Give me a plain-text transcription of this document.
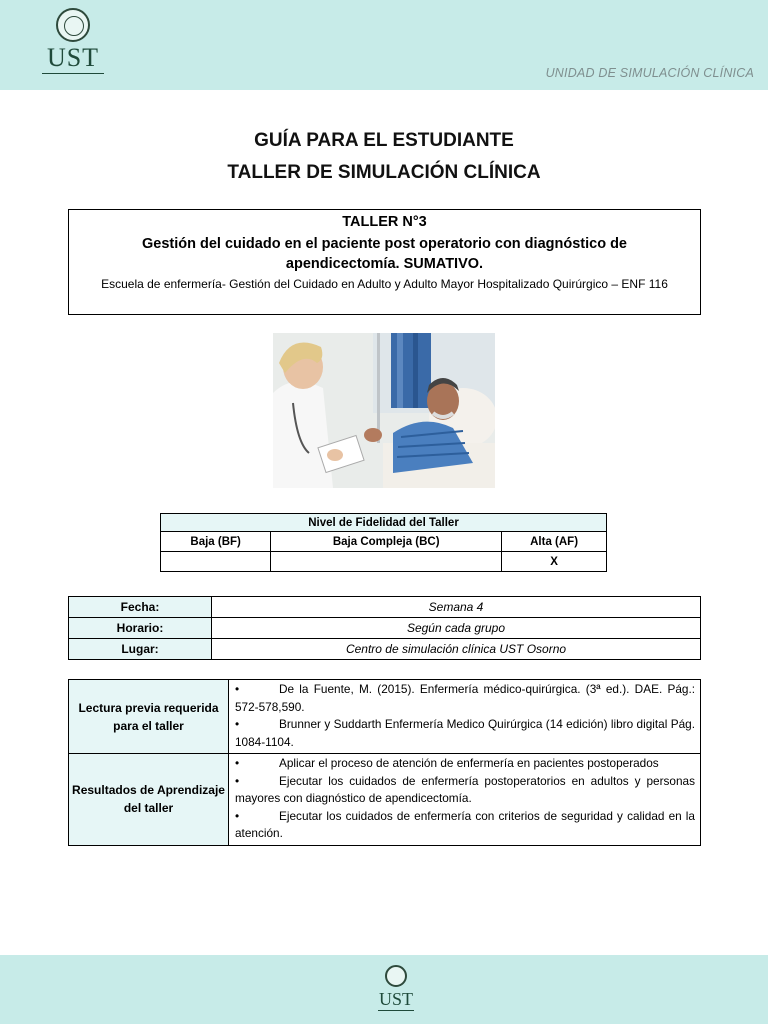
UST
UNIDAD DE SIMULACIÓN CLÍNICA
GUÍA PARA EL ESTUDIANTE
TALLER DE SIMULACIÓN CLÍNICA
TALLER N°3
Gestión del cuidado en el paciente post operatorio con diagnóstico de apendicectomía. SUMATIVO.
Escuela de enfermería- Gestión del Cuidado en Adulto y Adulto Mayor Hospitalizado Quirúrgico – ENF 116
Nivel de Fidelidad del Taller		
Baja (BF)	Baja Compleja (BC)	Alta (AF)
		X
Fecha:	Semana 4
Horario:	Según cada grupo
Lugar:	Centro de simulación clínica UST Osorno
Lectura previa requerida para el taller	• De la Fuente, M. (2015). Enfermería médico-quirúrgica. (3ª ed.). DAE. Pág.: 572-578,590.
• Brunner y Suddarth Enfermería Medico Quirúrgica (14 edición) libro digital Pág. 1084-1104.

Resultados de Aprendizaje del taller	• Aplicar el proceso de atención de enfermería en pacientes postoperados
• Ejecutar los cuidados de enfermería postoperatorios en adultos y personas mayores con diagnóstico de apendicectomía.
• Ejecutar los cuidados de enfermería con criterios de seguridad y calidad en la atención.
UST
